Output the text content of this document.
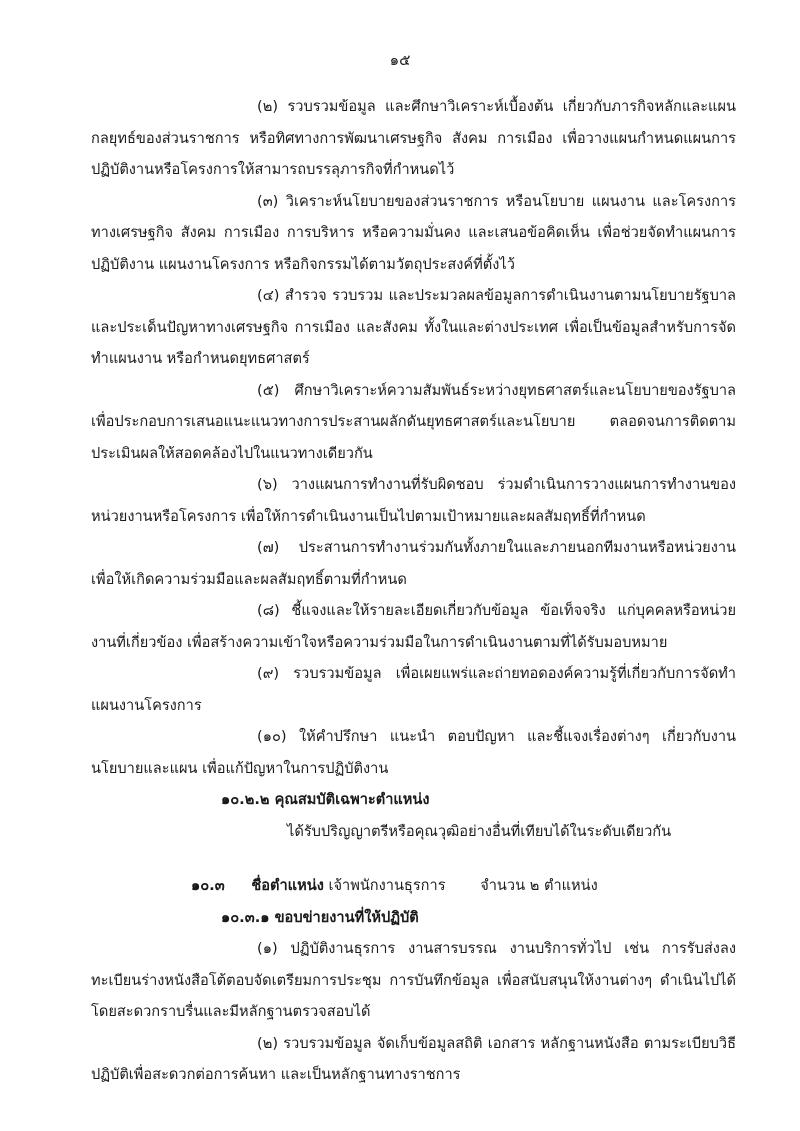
๑๕

(๒) รวบรวมข้อมูล และศึกษาวิเคราะห์เบื้องต้น เกี่ยวกับภารกิจหลักและแผนกลยุทธ์ของส่วนราชการ หรือทิศทางการพัฒนาเศรษฐกิจ สังคม การเมือง เพื่อวางแผนกำหนดแผนการปฏิบัติงานหรือโครงการให้สามารถบรรลุภารกิจที่กำหนดไว้

(๓) วิเคราะห์นโยบายของส่วนราชการ หรือนโยบาย แผนงาน และโครงการทางเศรษฐกิจ สังคม การเมือง การบริหาร หรือความมั่นคง และเสนอข้อคิดเห็น เพื่อช่วยจัดทำแผนการปฏิบัติงาน แผนงานโครงการ หรือกิจกรรมได้ตามวัตถุประสงค์ที่ตั้งไว้

(๔) สำรวจ รวบรวม และประมวลผลข้อมูลการดำเนินงานตามนโยบายรัฐบาลและประเด็นปัญหาทางเศรษฐกิจ การเมือง และสังคม ทั้งในและต่างประเทศ เพื่อเป็นข้อมูลสำหรับการจัดทำแผนงาน หรือกำหนดยุทธศาสตร์

(๕) ศึกษาวิเคราะห์ความสัมพันธ์ระหว่างยุทธศาสตร์และนโยบายของรัฐบาลเพื่อประกอบการเสนอแนะแนวทางการประสานผลักดันยุทธศาสตร์และนโยบาย ตลอดจนการติดตามประเมินผลให้สอดคล้องไปในแนวทางเดียวกัน

(๖) วางแผนการทำงานที่รับผิดชอบ ร่วมดำเนินการวางแผนการทำงานของหน่วยงานหรือโครงการ เพื่อให้การดำเนินงานเป็นไปตามเป้าหมายและผลสัมฤทธิ์ที่กำหนด

(๗) ประสานการทำงานร่วมกันทั้งภายในและภายนอกทีมงานหรือหน่วยงานเพื่อให้เกิดความร่วมมือและผลสัมฤทธิ์ตามที่กำหนด

(๘) ชี้แจงและให้รายละเอียดเกี่ยวกับข้อมูล ข้อเท็จจริง แก่บุคคลหรือหน่วยงานที่เกี่ยวข้อง เพื่อสร้างความเข้าใจหรือความร่วมมือในการดำเนินงานตามที่ได้รับมอบหมาย

(๙) รวบรวมข้อมูล เพื่อเผยแพร่และถ่ายทอดองค์ความรู้ที่เกี่ยวกับการจัดทำแผนงานโครงการ

(๑๐) ให้คำปรึกษา แนะนำ ตอบปัญหา และชี้แจงเรื่องต่างๆ เกี่ยวกับงานนโยบายและแผน เพื่อแก้ปัญหาในการปฏิบัติงาน

๑๐.๒.๒ คุณสมบัติเฉพาะตำแหน่ง
ได้รับปริญญาตรีหรือคุณวุฒิอย่างอื่นที่เทียบได้ในระดับเดียวกัน
๑๐.๓ ชื่อตำแหน่ง เจ้าพนักงานธุรการ จำนวน ๒ ตำแหน่ง
๑๐.๓.๑ ขอบข่ายงานที่ให้ปฏิบัติ

(๑) ปฏิบัติงานธุรการ งานสารบรรณ งานบริการทั่วไป เช่น การรับส่งลงทะเบียนร่างหนังสือโต้ตอบจัดเตรียมการประชุม การบันทึกข้อมูล เพื่อสนับสนุนให้งานต่างๆ ดำเนินไปได้โดยสะดวกราบรื่นและมีหลักฐานตรวจสอบได้

(๒) รวบรวมข้อมูล จัดเก็บข้อมูลสถิติ เอกสาร หลักฐานหนังสือ ตามระเบียบวิธีปฏิบัติเพื่อสะดวกต่อการค้นหา และเป็นหลักฐานทางราชการ
